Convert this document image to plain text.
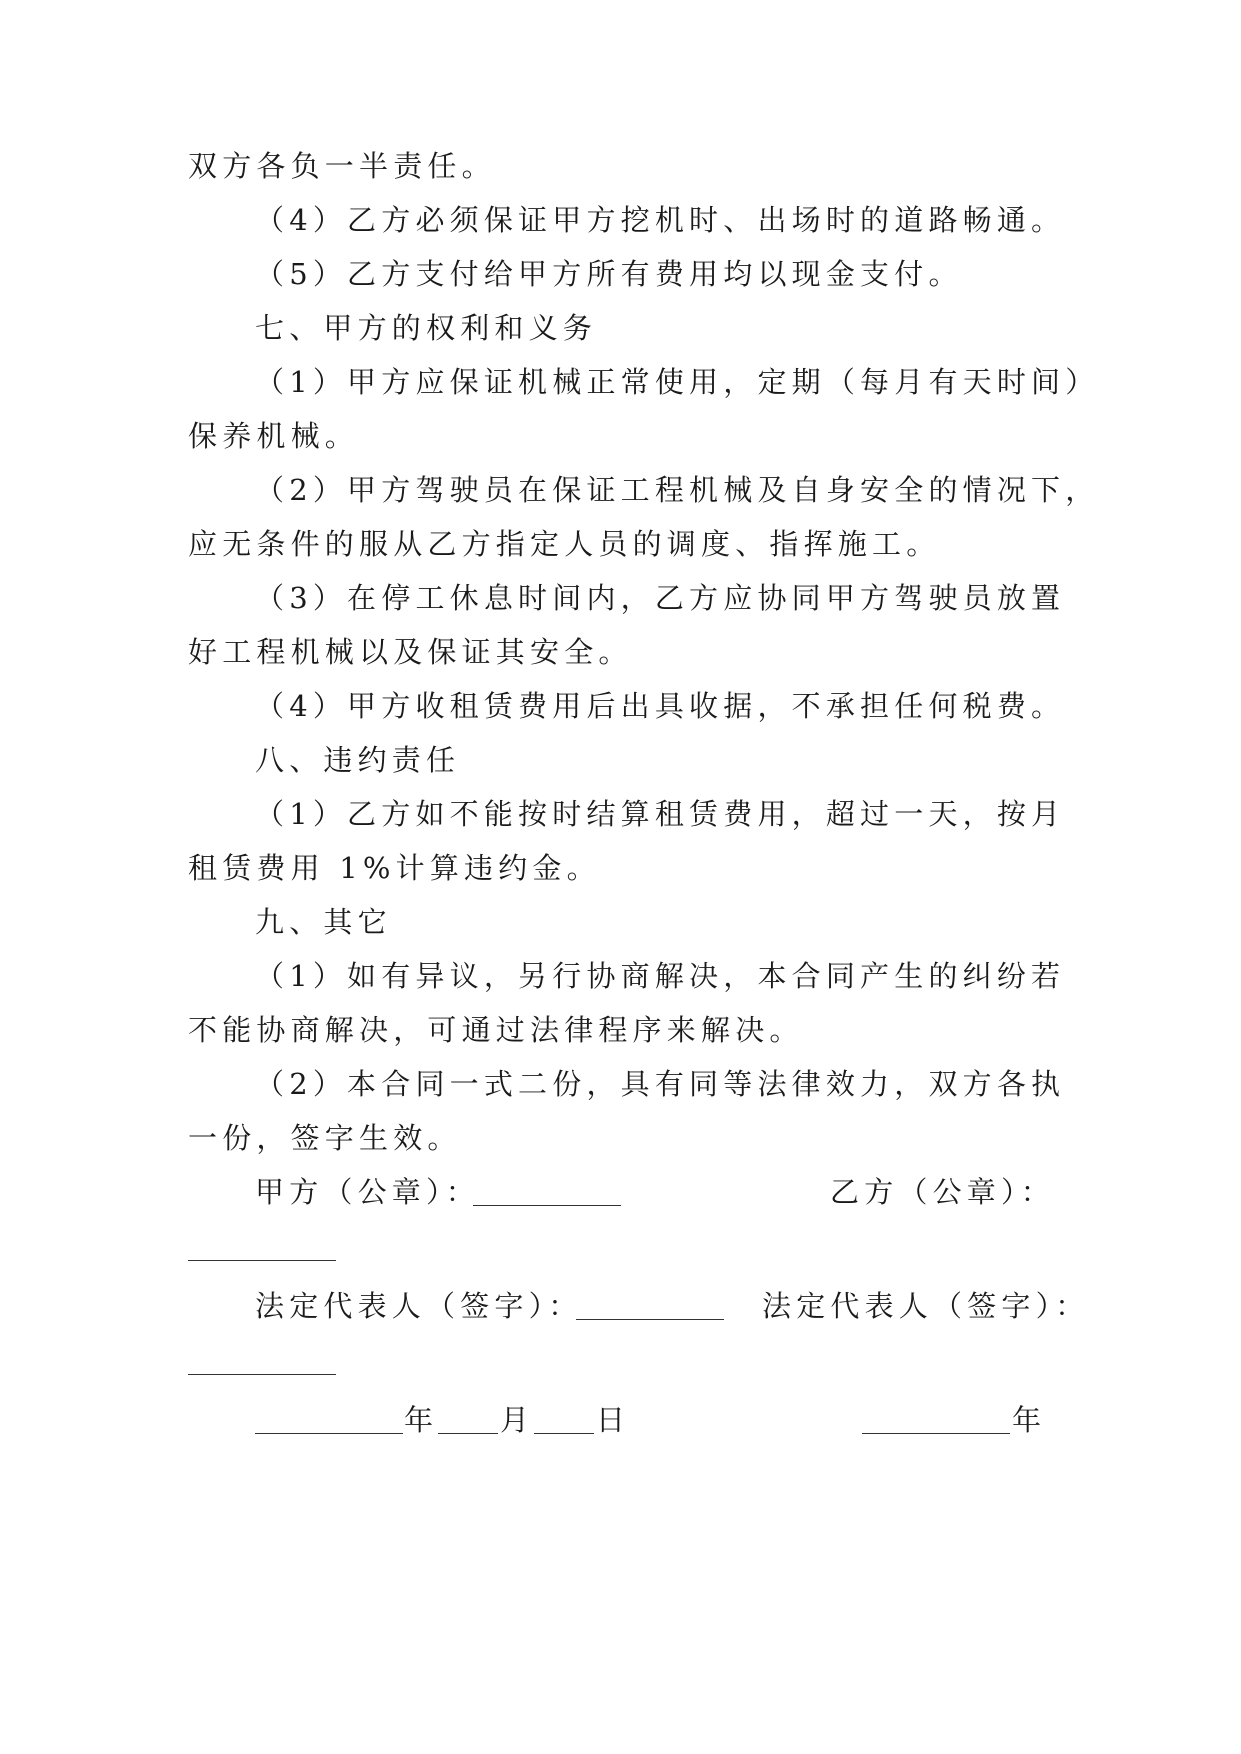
双方各负一半责任。
（4）乙方必须保证甲方挖机时、出场时的道路畅通。
（5）乙方支付给甲方所有费用均以现金支付。
七、甲方的权利和义务
（1）甲方应保证机械正常使用，定期（每月有天时间）
保养机械。
（2）甲方驾驶员在保证工程机械及自身安全的情况下，
应无条件的服从乙方指定人员的调度、指挥施工。
（3）在停工休息时间内，乙方应协同甲方驾驶员放置
好工程机械以及保证其安全。
（4）甲方收租赁费用后出具收据，不承担任何税费。
八、违约责任
（1）乙方如不能按时结算租赁费用，超过一天，按月
租赁费用 1%计算违约金。
九、其它
（1）如有异议，另行协商解决，本合同产生的纠纷若
不能协商解决，可通过法律程序来解决。
（2）本合同一式二份，具有同等法律效力，双方各执
一份，签字生效。
甲方（公章）：	乙方（公章）：
法定代表人（签字）：	法定代表人（签字）：
年 月 日	年
